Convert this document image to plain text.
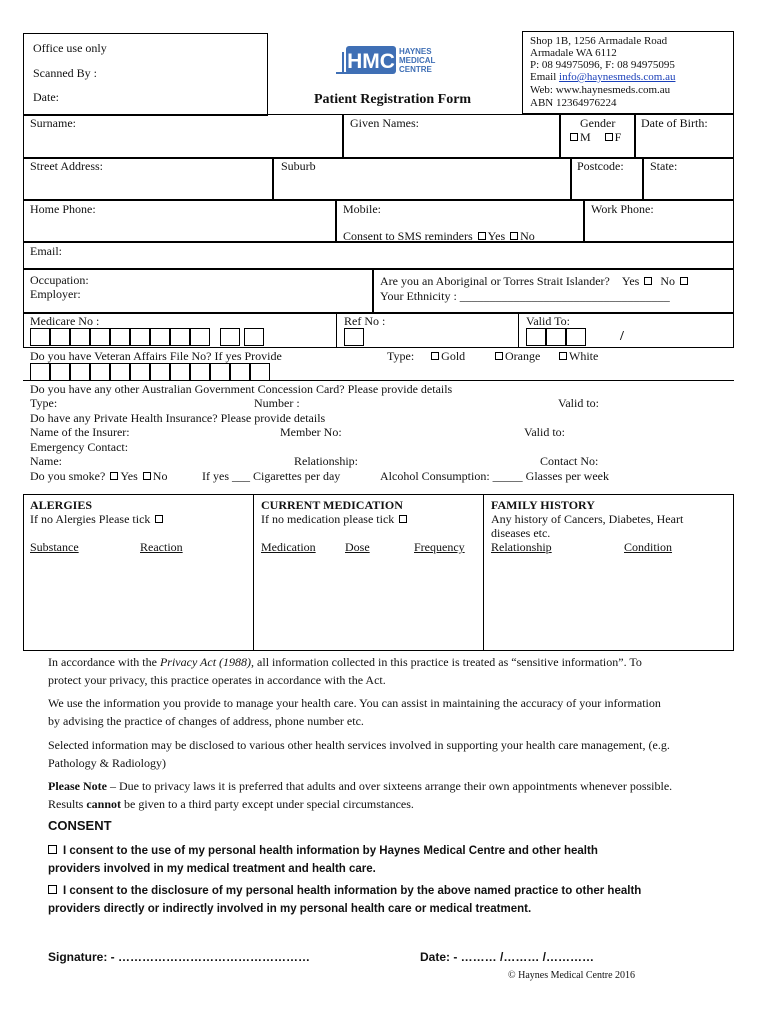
Office use only
Scanned By :
Date:
HMC HAYNES
MEDICAL
CENTRE
Patient Registration Form
Shop 1B, 1256 Armadale Road
Armadale WA 6112
P: 08 94975096, F: 08 94975095
Email info@haynesmeds.com.au
Web: www.haynesmeds.com.au
ABN 12364976224
Surname:	Given Names:	Gender
M F
Date of Birth:
Street Address:	Suburb	Postcode: State:
Home Phone:	Mobile:
Consent to SMS reminders Yes No
Work Phone:
Email:
Occupation:
Employer:
Are you an Aboriginal or Torres Strait Islander? Yes No
Your Ethnicity : ___________________________________
Medicare No :	Ref No :	Valid To:
/
Do you have Veteran Affairs File No? If yes Provide	Type: Gold	Orange	White
Do you have any other Australian Government Concession Card? Please provide details
Type:	Number :	Valid to:
Do have any Private Health Insurance? Please provide details
Name of the Insurer:	Member No:	Valid to:
Emergency Contact:
Name:	Relationship:	Contact No:
Do you smoke? Yes No	If yes ___ Cigarettes per day	Alcohol Consumption: _____ Glasses per week
ALERGIES
If no Alergies Please tick
Substance	Reaction
CURRENT MEDICATION
If no medication please tick
Medication Dose	Frequency
FAMILY HISTORY
Any history of Cancers, Diabetes, Heart
diseases etc.
Relationship	Condition
In accordance with the Privacy Act (1988), all information collected in this practice is treated as “sensitive information”. To
protect your privacy, this practice operates in accordance with the Act.
We use the information you provide to manage your health care. You can assist in maintaining the accuracy of your information
by advising the practice of changes of address, phone number etc.
Selected information may be disclosed to various other health services involved in supporting your health care management, (e.g.
Pathology & Radiology)
Please Note – Due to privacy laws it is preferred that adults and over sixteens arrange their own appointments whenever possible.
Results cannot be given to a third party except under special circumstances.
CONSENT
I consent to the use of my personal health information by Haynes Medical Centre and other health
providers involved in my medical treatment and health care.
I consent to the disclosure of my personal health information by the above named practice to other health
providers directly or indirectly involved in my personal health care or medical treatment.
Signature: - …………………………………………	Date: - ……… /……… /…………
© Haynes Medical Centre 2016
